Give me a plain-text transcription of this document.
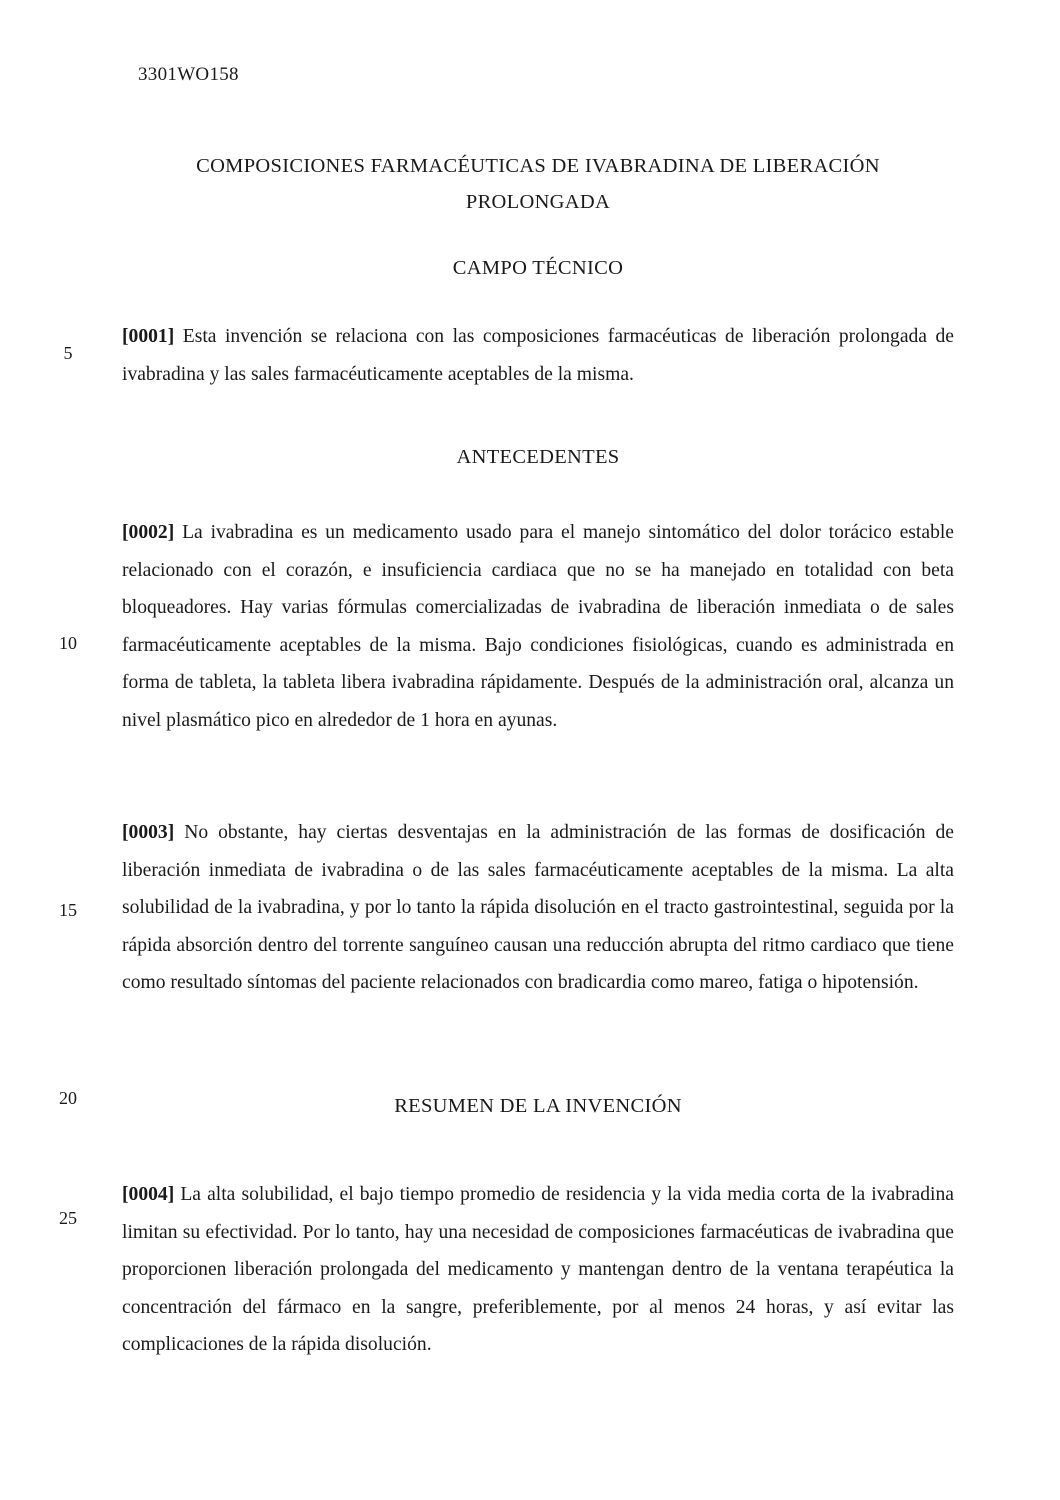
3301WO158
COMPOSICIONES FARMACÉUTICAS DE IVABRADINA DE LIBERACIÓN
PROLONGADA
CAMPO TÉCNICO
5

[0001] Esta invención se relaciona con las composiciones farmacéuticas de liberación prolongada de ivabradina y las sales farmacéuticamente aceptables de la misma.

ANTECEDENTES
10

[0002] La ivabradina es un medicamento usado para el manejo sintomático del dolor torácico estable relacionado con el corazón, e insuficiencia cardiaca que no se ha manejado en totalidad con beta bloqueadores. Hay varias fórmulas comercializadas de ivabradina de liberación inmediata o de sales farmacéuticamente aceptables de la misma. Bajo condiciones fisiológicas, cuando es administrada en forma de tableta, la tableta libera ivabradina rápidamente. Después de la administración oral, alcanza un nivel plasmático pico en alrededor de 1 hora en ayunas.

15

[0003] No obstante, hay ciertas desventajas en la administración de las formas de dosificación de liberación inmediata de ivabradina o de las sales farmacéuticamente aceptables de la misma. La alta solubilidad de la ivabradina, y por lo tanto la rápida disolución en el tracto gastrointestinal, seguida por la rápida absorción dentro del torrente sanguíneo causan una reducción abrupta del ritmo cardiaco que tiene como resultado síntomas del paciente relacionados con bradicardia como mareo, fatiga o hipotensión.

20	RESUMEN DE LA INVENCIÓN
25

[0004] La alta solubilidad, el bajo tiempo promedio de residencia y la vida media corta de la ivabradina limitan su efectividad. Por lo tanto, hay una necesidad de composiciones farmacéuticas de ivabradina que proporcionen liberación prolongada del medicamento y mantengan dentro de la ventana terapéutica la concentración del fármaco en la sangre, preferiblemente, por al menos 24 horas, y así evitar las complicaciones de la rápida disolución.
